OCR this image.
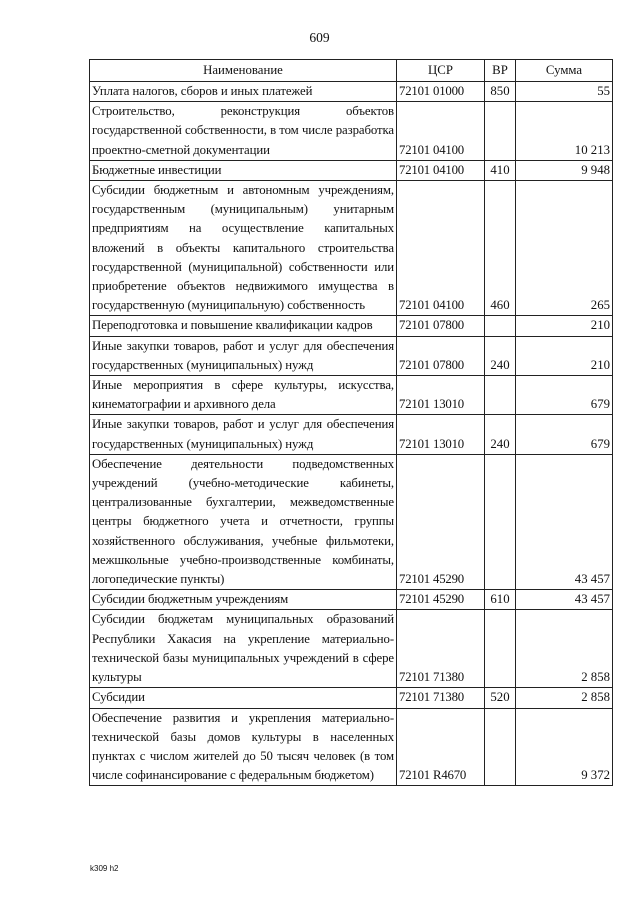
609
Наименование	ЦСР	ВР	Сумма
Уплата налогов, сборов и иных платежей	72101 01000	850	55
Строительство, реконструкция объектов государственной собственности, в том числе разработка проектно-сметной документации	72101 04100		10 213
Бюджетные инвестиции	72101 04100	410	9 948
Субсидии бюджетным и автономным учреждениям, государственным (муниципальным) унитарным предприятиям на осуществление капитальных вложений в объекты капитального строительства государственной (муниципальной) собственности или приобретение объектов недвижимого имущества в государственную (муниципальную) собственность	72101 04100	460	265
Переподготовка и повышение квалификации кадров	72101 07800		210
Иные закупки товаров, работ и услуг для обеспечения государственных (муниципальных) нужд	72101 07800	240	210
Иные мероприятия в сфере культуры, искусства, кинематографии и архивного дела	72101 13010		679
Иные закупки товаров, работ и услуг для обеспечения государственных (муниципальных) нужд	72101 13010	240	679
Обеспечение деятельности подведомственных учреждений (учебно-методические кабинеты, централизованные бухгалтерии, межведомственные центры бюджетного учета и отчетности, группы хозяйственного обслуживания, учебные фильмотеки, межшкольные учебно-производственные комбинаты, логопедические пункты)	72101 45290		43 457
Субсидии бюджетным учреждениям	72101 45290	610	43 457
Субсидии бюджетам муниципальных образований Республики Хакасия на укрепление материально-технической базы муниципальных учреждений в сфере культуры	72101 71380		2 858
Субсидии	72101 71380	520	2 858
Обеспечение развития и укрепления материально-технической базы домов культуры в населенных пунктах с числом жителей до 50 тысяч человек (в том числе софинансирование с федеральным бюджетом)	72101 R4670		9 372
k309 h2
